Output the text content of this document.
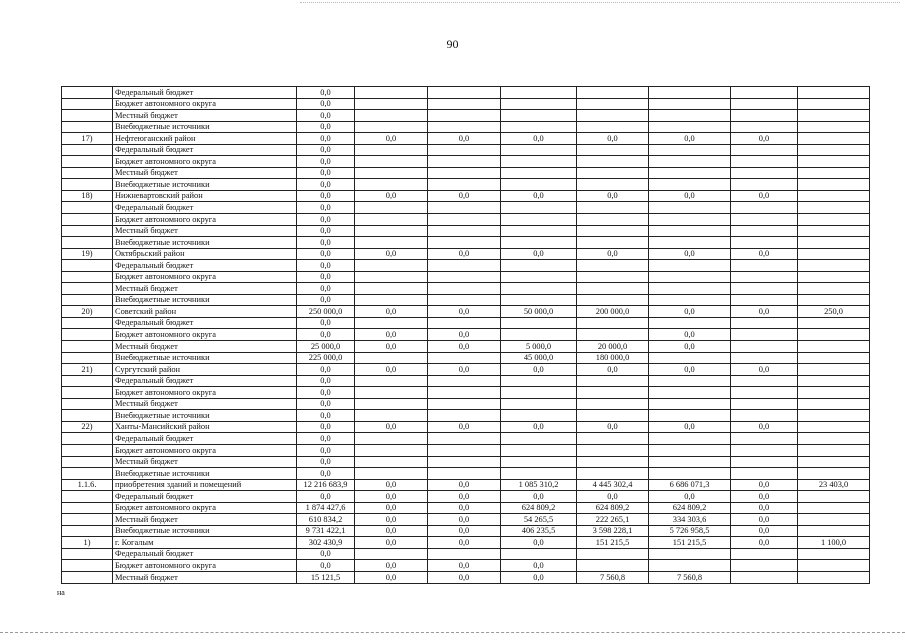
90
	Федеральный бюджет	0,0							
	Бюджет автономного округа	0,0							
	Местный бюджет	0,0							
	Внебюджетные источники	0,0							
17)	Нефтеюганский район	0,0	0,0	0,0	0,0	0,0	0,0	0,0	
	Федеральный бюджет	0,0							
	Бюджет автономного округа	0,0							
	Местный бюджет	0,0							
	Внебюджетные источники	0,0							
18)	Нижневартовский район	0,0	0,0	0,0	0,0	0,0	0,0	0,0	
	Федеральный бюджет	0,0							
	Бюджет автономного округа	0,0							
	Местный бюджет	0,0							
	Внебюджетные источники	0,0							
19)	Октябрьский район	0,0	0,0	0,0	0,0	0,0	0,0	0,0	
	Федеральный бюджет	0,0							
	Бюджет автономного округа	0,0							
	Местный бюджет	0,0							
	Внебюджетные источники	0,0							
20)	Советский район	250 000,0	0,0	0,0	50 000,0	200 000,0	0,0	0,0	250,0
	Федеральный бюджет	0,0							
	Бюджет автономного округа	0,0	0,0	0,0			0,0		
	Местный бюджет	25 000,0	0,0	0,0	5 000,0	20 000,0	0,0		
	Внебюджетные источники	225 000,0			45 000,0	180 000,0			
21)	Сургутский район	0,0	0,0	0,0	0,0	0,0	0,0	0,0	
	Федеральный бюджет	0,0							
	Бюджет автономного округа	0,0							
	Местный бюджет	0,0							
	Внебюджетные источники	0,0							
22)	Ханты-Мансийский район	0,0	0,0	0,0	0,0	0,0	0,0	0,0	
	Федеральный бюджет	0,0							
	Бюджет автономного округа	0,0							
	Местный бюджет	0,0							
	Внебюджетные источники	0,0							
1.1.6.	приобретения зданий и помещений	12 216 683,9	0,0	0,0	1 085 310,2	4 445 302,4	6 686 071,3	0,0	23 403,0
	Федеральный бюджет	0,0	0,0	0,0	0,0	0,0	0,0	0,0	
	Бюджет автономного округа	1 874 427,6	0,0	0,0	624 809,2	624 809,2	624 809,2	0,0	
	Местный бюджет	610 834,2	0,0	0,0	54 265,5	222 265,1	334 303,6	0,0	
	Внебюджетные источники	9 731 422,1	0,0	0,0	406 235,5	3 598 228,1	5 726 958,5	0,0	
1)	г. Когалым	302 430,9	0,0	0,0	0,0	151 215,5	151 215,5	0,0	1 100,0
	Федеральный бюджет	0,0							
	Бюджет автономного округа	0,0	0,0	0,0	0,0				
	Местный бюджет	15 121,5	0,0	0,0	0,0	7 560,8	7 560,8		
на
